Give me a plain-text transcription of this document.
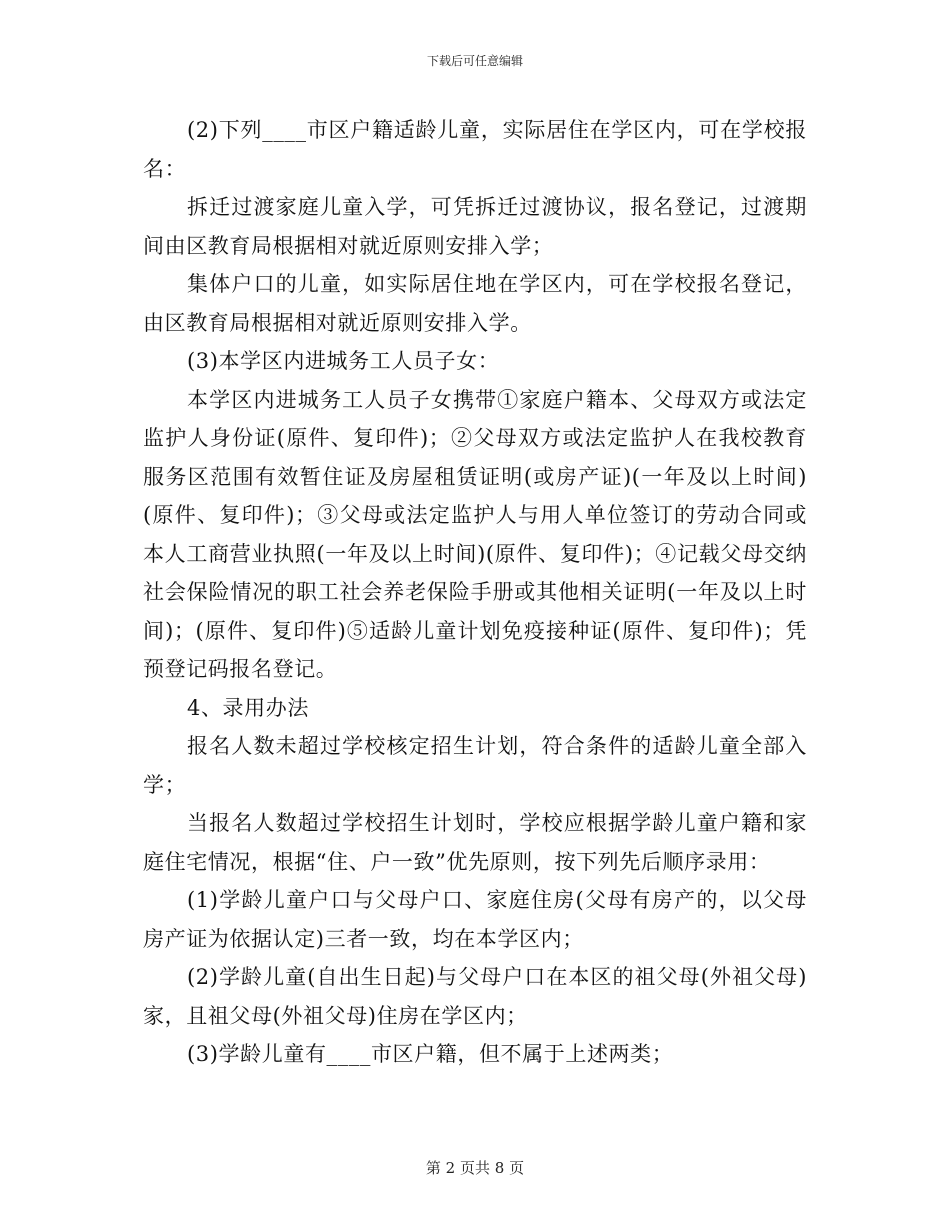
下载后可任意编辑

(2)下列____市区户籍适龄儿童，实际居住在学区内，可在学校报名：

拆迁过渡家庭儿童入学，可凭拆迁过渡协议，报名登记，过渡期间由区教育局根据相对就近原则安排入学；

集体户口的儿童，如实际居住地在学区内，可在学校报名登记，由区教育局根据相对就近原则安排入学。

(3)本学区内进城务工人员子女：

本学区内进城务工人员子女携带①家庭户籍本、父母双方或法定监护人身份证(原件、复印件)；②父母双方或法定监护人在我校教育服务区范围有效暂住证及房屋租赁证明(或房产证)(一年及以上时间)(原件、复印件)；③父母或法定监护人与用人单位签订的劳动合同或本人工商营业执照(一年及以上时间)(原件、复印件)；④记载父母交纳社会保险情况的职工社会养老保险手册或其他相关证明(一年及以上时间)；(原件、复印件)⑤适龄儿童计划免疫接种证(原件、复印件)；凭预登记码报名登记。

4、录用办法

报名人数未超过学校核定招生计划，符合条件的适龄儿童全部入学；

当报名人数超过学校招生计划时，学校应根据学龄儿童户籍和家庭住宅情况，根据“住、户一致”优先原则，按下列先后顺序录用：

(1)学龄儿童户口与父母户口、家庭住房(父母有房产的，以父母房产证为依据认定)三者一致，均在本学区内；

(2)学龄儿童(自出生日起)与父母户口在本区的祖父母(外祖父母)家，且祖父母(外祖父母)住房在学区内；

(3)学龄儿童有____市区户籍，但不属于上述两类；

第 2 页共 8 页
